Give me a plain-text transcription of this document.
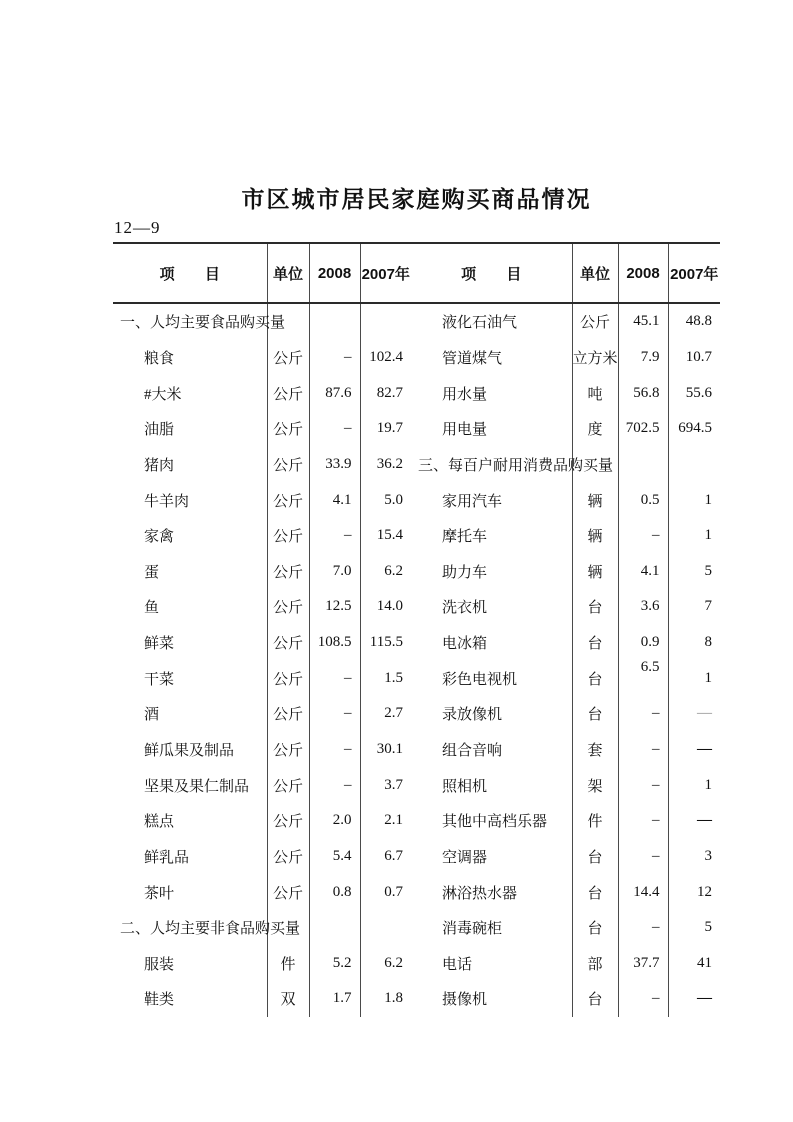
市区城市居民家庭购买商品情况
12—9
项 目	单位	2008	2007年
一、人均主要食品购买量			
粮食	公斤	–	102.4
#大米	公斤	87.6	82.7
油脂	公斤	–	19.7
猪肉	公斤	33.9	36.2
牛羊肉	公斤	4.1	5.0
家禽	公斤	–	15.4
蛋	公斤	7.0	6.2
鱼	公斤	12.5	14.0
鲜菜	公斤	108.5	115.5
干菜	公斤	–	1.5
酒	公斤	–	2.7
鲜瓜果及制品	公斤	–	30.1
坚果及果仁制品	公斤	–	3.7
糕点	公斤	2.0	2.1
鲜乳品	公斤	5.4	6.7
茶叶	公斤	0.8	0.7
二、人均主要非食品购买量			
服装	件	5.2	6.2
鞋类	双	1.7	1.8
项 目	单位	2008	2007年
液化石油气	公斤	45.1	48.8
管道煤气	立方米	7.9	10.7
用水量	吨	56.8	55.6
用电量	度	702.5	694.5
三、每百户耐用消费品购买量			
家用汽车	辆	0.5	1
摩托车	辆	–	1
助力车	辆	4.1	5
洗衣机	台	3.6	7
电冰箱	台	0.9	8
彩色电视机	台	6.5	1
录放像机	台	–	—
组合音响	套	–	—
照相机	架	–	1
其他中高档乐器	件	–	—
空调器	台	–	3
淋浴热水器	台	14.4	12
消毒碗柜	台	–	5
电话	部	37.7	41
摄像机	台	–	—
